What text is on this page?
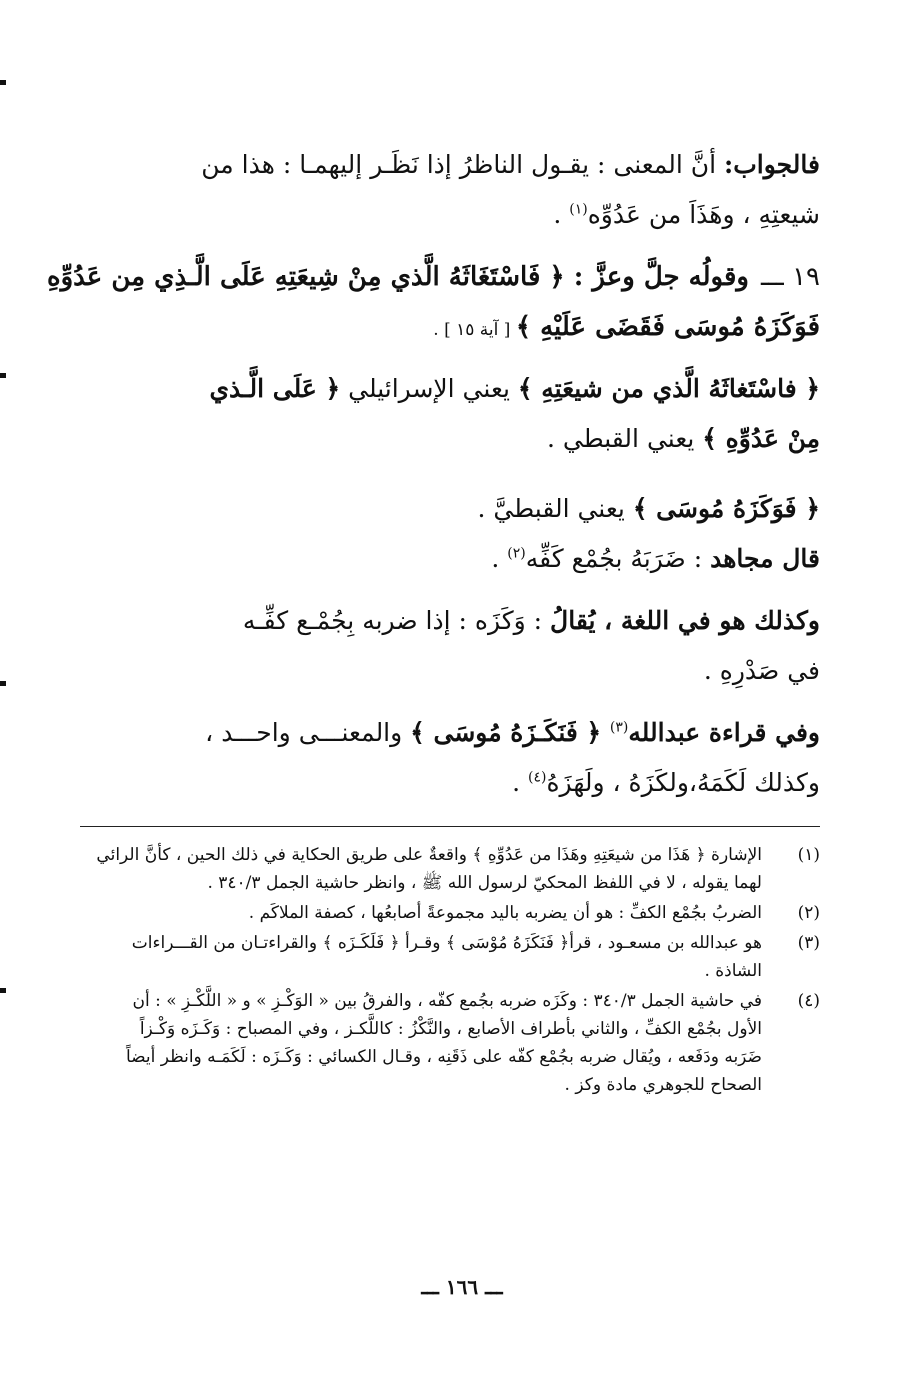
فالجواب: أنَّ المعنى : يقـول الناظرُ إذا نَظَـر إليهمـا : هذا من
شيعتِهِ ، وهَذَاَ من عَدُوِّه$^{(١)}$ .
١٩ ـــوقولُه جلَّ وعزَّ : ﴿ فَاسْتَغَاثَهُ الَّذي مِنْ شِيعَتِهِ عَلَى الَّـذِي مِن عَدُوِّهِ
فَوَكَزَهُ مُوسَى فَقَضَى عَلَيْهِ ﴾ [ آية ١٥ ] .
﴿ فاسْتَغاثَهُ الَّذي من شيعَتِهِ ﴾ يعني الإسرائيلي ﴿ عَلَى الَّـذي
مِنْ عَدُوِّهِ ﴾ يعني القبطي .
﴿ فَوَكَزَهُ مُوسَى ﴾ يعني القبطيَّ .
قال مجاهد : ضَرَبَهُ بجُمْع كَفِّه$^{(٢)}$ .
وكذلك هو في اللغة ، يُقالُ : وَكَزَه : إذا ضربه بِجُمْـع كفِّـه
في صَدْرِهِ .
وفي قراءة عبدالله$^{(٣)}$ ﴿ فَنَكَـزَهُ مُوسَى ﴾ والمعنـــى واحـــد ،
وكذلك لَكَمَهُ،ولكَزَهُ ، ولَهَزَهُ$^{(٤)}$ .
(١)
الإشارة ﴿ هَذَا من شيعَتِهِ وهَذَا من عَدُوِّهِ ﴾ واقعةٌ على طريق الحكاية في ذلك الحين ، كأنَّ الرائي
لهما يقوله ، لا في اللفظ المحكيّ لرسول الله ﷺ ، وانظر حاشية الجمل ٣٤٠/٣ .
(٢)
الضربُ بجُمْع الكفِّ : هو أن يضربه باليد مجموعةً أصابعُها ، كصفة الملاكَم .
(٣)
هو عبدالله بن مسعـود ، قرأ﴿ فَنَكَزَهُ مُوْسَى ﴾ وقـرأ ﴿ فَلَكَـزَه ﴾ والقراءتـان من القـــراءات
الشاذة .
(٤)
في حاشية الجمل ٣٤٠/٣ : وكَزَه ضربه بجُمع كفّه ، والفرقُ بين « الوَكْـزِ » و « اللَّكْـزِ » : أن
الأول بجُمْع الكفِّ ، والثاني بأطراف الأصابع ، والنَّكْزُ : كاللَّكـز ، وفي المصباح : وَكَـزَه وَكْـزاً
ضَرَبه ودَفَعه ، ويُقال ضربه بجُمْع كفّه على ذَقَنِه ، وقـال الكسائي : وَكَـزَه : لَكَمَـه وانظر أيضاً
الصحاح للجوهري مادة وكز .
ـــ ١٦٦ ـــ
